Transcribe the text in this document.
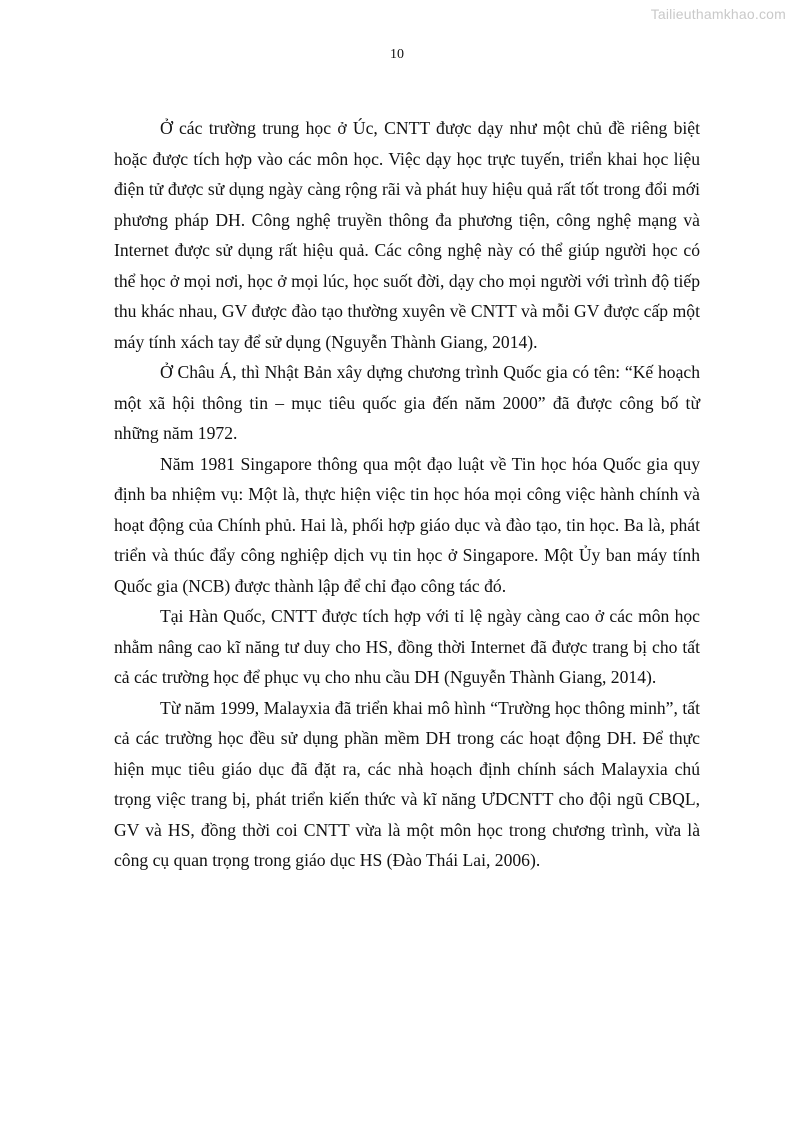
Tailieuthamkhao.com
10

Ở các trường trung học ở Úc, CNTT được dạy như một chủ đề riêng biệt hoặc được tích hợp vào các môn học. Việc dạy học trực tuyến, triển khai học liệu điện tử được sử dụng ngày càng rộng rãi và phát huy hiệu quả rất tốt trong đổi mới phương pháp DH. Công nghệ truyền thông đa phương tiện, công nghệ mạng và Internet được sử dụng rất hiệu quả. Các công nghệ này có thể giúp người học có thể học ở mọi nơi, học ở mọi lúc, học suốt đời, dạy cho mọi người với trình độ tiếp thu khác nhau, GV được đào tạo thường xuyên về CNTT và mỗi GV được cấp một máy tính xách tay để sử dụng (Nguyễn Thành Giang, 2014).

Ở Châu Á, thì Nhật Bản xây dựng chương trình Quốc gia có tên: “Kế hoạch một xã hội thông tin – mục tiêu quốc gia đến năm 2000” đã được công bố từ những năm 1972.

Năm 1981 Singapore thông qua một đạo luật về Tin học hóa Quốc gia quy định ba nhiệm vụ: Một là, thực hiện việc tin học hóa mọi công việc hành chính và hoạt động của Chính phủ. Hai là, phối hợp giáo dục và đào tạo, tin học. Ba là, phát triển và thúc đẩy công nghiệp dịch vụ tin học ở Singapore. Một Ủy ban máy tính Quốc gia (NCB) được thành lập để chỉ đạo công tác đó.

Tại Hàn Quốc, CNTT được tích hợp với tỉ lệ ngày càng cao ở các môn học nhằm nâng cao kĩ năng tư duy cho HS, đồng thời Internet đã được trang bị cho tất cả các trường học để phục vụ cho nhu cầu DH (Nguyễn Thành Giang, 2014).

Từ năm 1999, Malayxia đã triển khai mô hình “Trường học thông minh”, tất cả các trường học đều sử dụng phần mềm DH trong các hoạt động DH. Để thực hiện mục tiêu giáo dục đã đặt ra, các nhà hoạch định chính sách Malayxia chú trọng việc trang bị, phát triển kiến thức và kĩ năng ƯDCNTT cho đội ngũ CBQL, GV và HS, đồng thời coi CNTT vừa là một môn học trong chương trình, vừa là công cụ quan trọng trong giáo dục HS (Đào Thái Lai, 2006).
